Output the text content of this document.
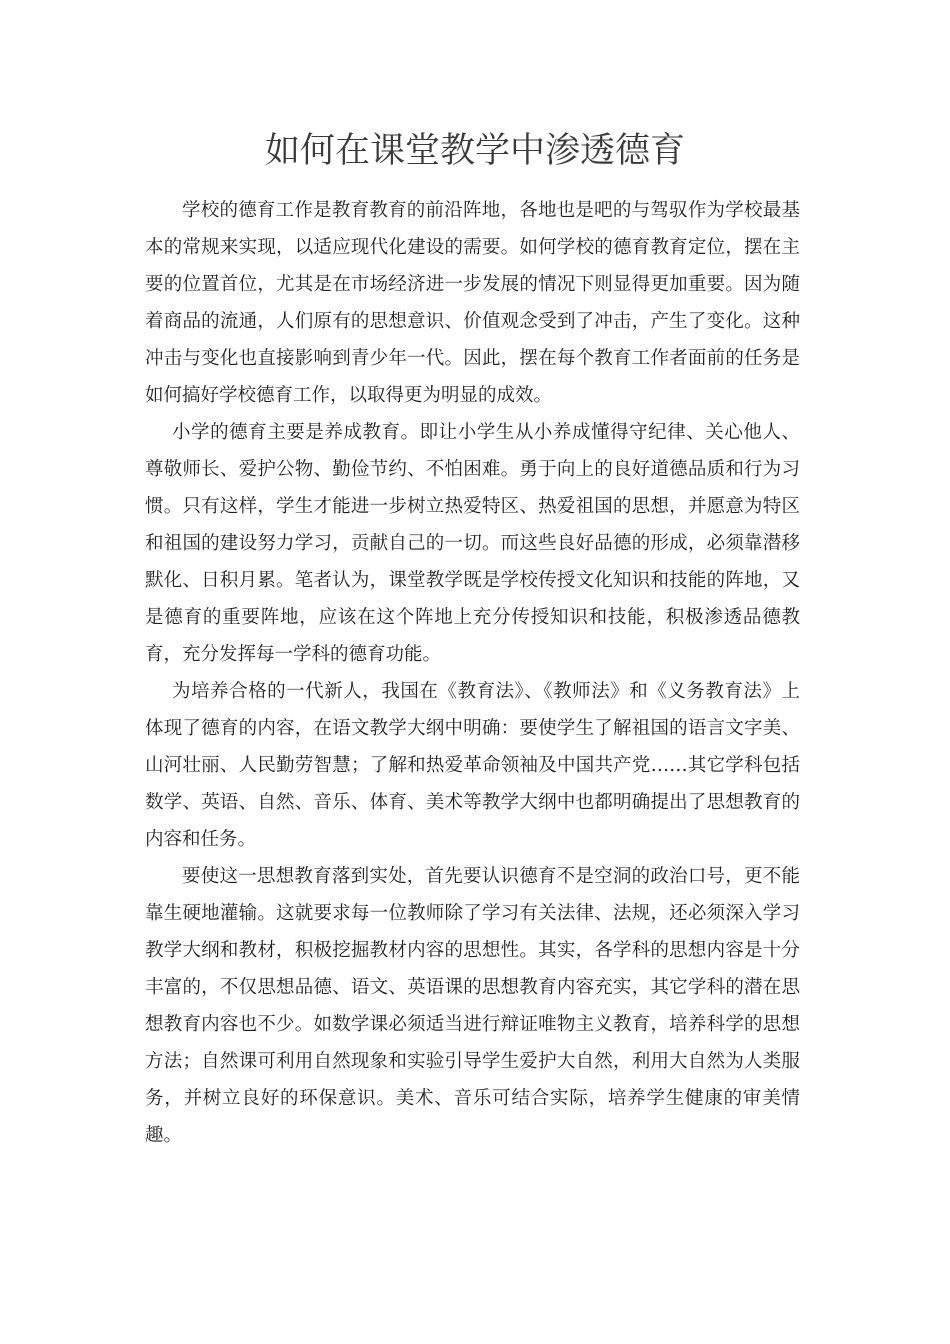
如何在课堂教学中渗透德育

学校的德育工作是教育教育的前沿阵地，各地也是吧的与驾驭作为学校最基本的常规来实现，以适应现代化建设的需要。如何学校的德育教育定位，摆在主要的位置首位，尤其是在市场经济进一步发展的情况下则显得更加重要。因为随着商品的流通，人们原有的思想意识、价值观念受到了冲击，产生了变化。这种冲击与变化也直接影响到青少年一代。因此，摆在每个教育工作者面前的任务是如何搞好学校德育工作，以取得更为明显的成效。

小学的德育主要是养成教育。即让小学生从小养成懂得守纪律、关心他人、尊敬师长、爱护公物、勤俭节约、不怕困难。勇于向上的良好道德品质和行为习惯。只有这样，学生才能进一步树立热爱特区、热爱祖国的思想，并愿意为特区和祖国的建设努力学习，贡献自己的一切。而这些良好品德的形成，必须靠潜移默化、日积月累。笔者认为，课堂教学既是学校传授文化知识和技能的阵地，又是德育的重要阵地，应该在这个阵地上充分传授知识和技能，积极渗透品德教育，充分发挥每一学科的德育功能。

为培养合格的一代新人，我国在《教育法》、《教师法》和《义务教育法》上体现了德育的内容，在语文教学大纲中明确：要使学生了解祖国的语言文字美、山河壮丽、人民勤劳智慧；了解和热爱革命领袖及中国共产党……其它学科包括数学、英语、自然、音乐、体育、美术等教学大纲中也都明确提出了思想教育的内容和任务。

要使这一思想教育落到实处，首先要认识德育不是空洞的政治口号，更不能靠生硬地灌输。这就要求每一位教师除了学习有关法律、法规，还必须深入学习教学大纲和教材，积极挖掘教材内容的思想性。其实，各学科的思想内容是十分丰富的，不仅思想品德、语文、英语课的思想教育内容充实，其它学科的潜在思想教育内容也不少。如数学课必须适当进行辩证唯物主义教育，培养科学的思想方法；自然课可利用自然现象和实验引导学生爱护大自然，利用大自然为人类服务，并树立良好的环保意识。美术、音乐可结合实际，培养学生健康的审美情趣。
